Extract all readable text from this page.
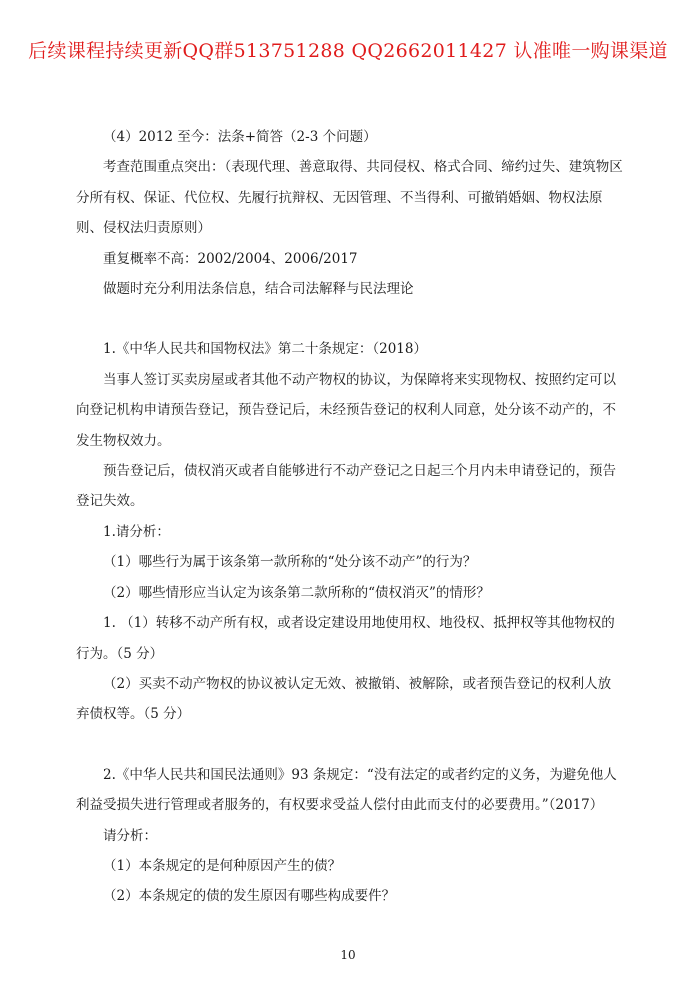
后续课程持续更新QQ群513751288 QQ2662011427 认准唯一购课渠道

（4）2012 至今：法条+简答（2-3 个问题）

考查范围重点突出：（表现代理、善意取得、共同侵权、格式合同、缔约过失、建筑物区分所有权、保证、代位权、先履行抗辩权、无因管理、不当得利、可撤销婚姻、物权法原则、侵权法归责原则）

重复概率不高：2002/2004、2006/2017

做题时充分利用法条信息，结合司法解释与民法理论

1.《中华人民共和国物权法》第二十条规定：（2018）

当事人签订买卖房屋或者其他不动产物权的协议，为保障将来实现物权、按照约定可以向登记机构申请预告登记，预告登记后，未经预告登记的权利人同意，处分该不动产的，不发生物权效力。

预告登记后，债权消灭或者自能够进行不动产登记之日起三个月内未申请登记的，预告登记失效。

1.请分析：

（1）哪些行为属于该条第一款所称的“处分该不动产”的行为？

（2）哪些情形应当认定为该条第二款所称的“债权消灭”的情形？

1. （1）转移不动产所有权，或者设定建设用地使用权、地役权、抵押权等其他物权的行为。（5 分）

（2）买卖不动产物权的协议被认定无效、被撤销、被解除，或者预告登记的权利人放弃债权等。（5 分）

2.《中华人民共和国民法通则》93 条规定：“没有法定的或者约定的义务，为避免他人利益受损失进行管理或者服务的，有权要求受益人偿付由此而支付的必要费用。”（2017）

请分析：

（1）本条规定的是何种原因产生的债？

（2）本条规定的债的发生原因有哪些构成要件？

10
